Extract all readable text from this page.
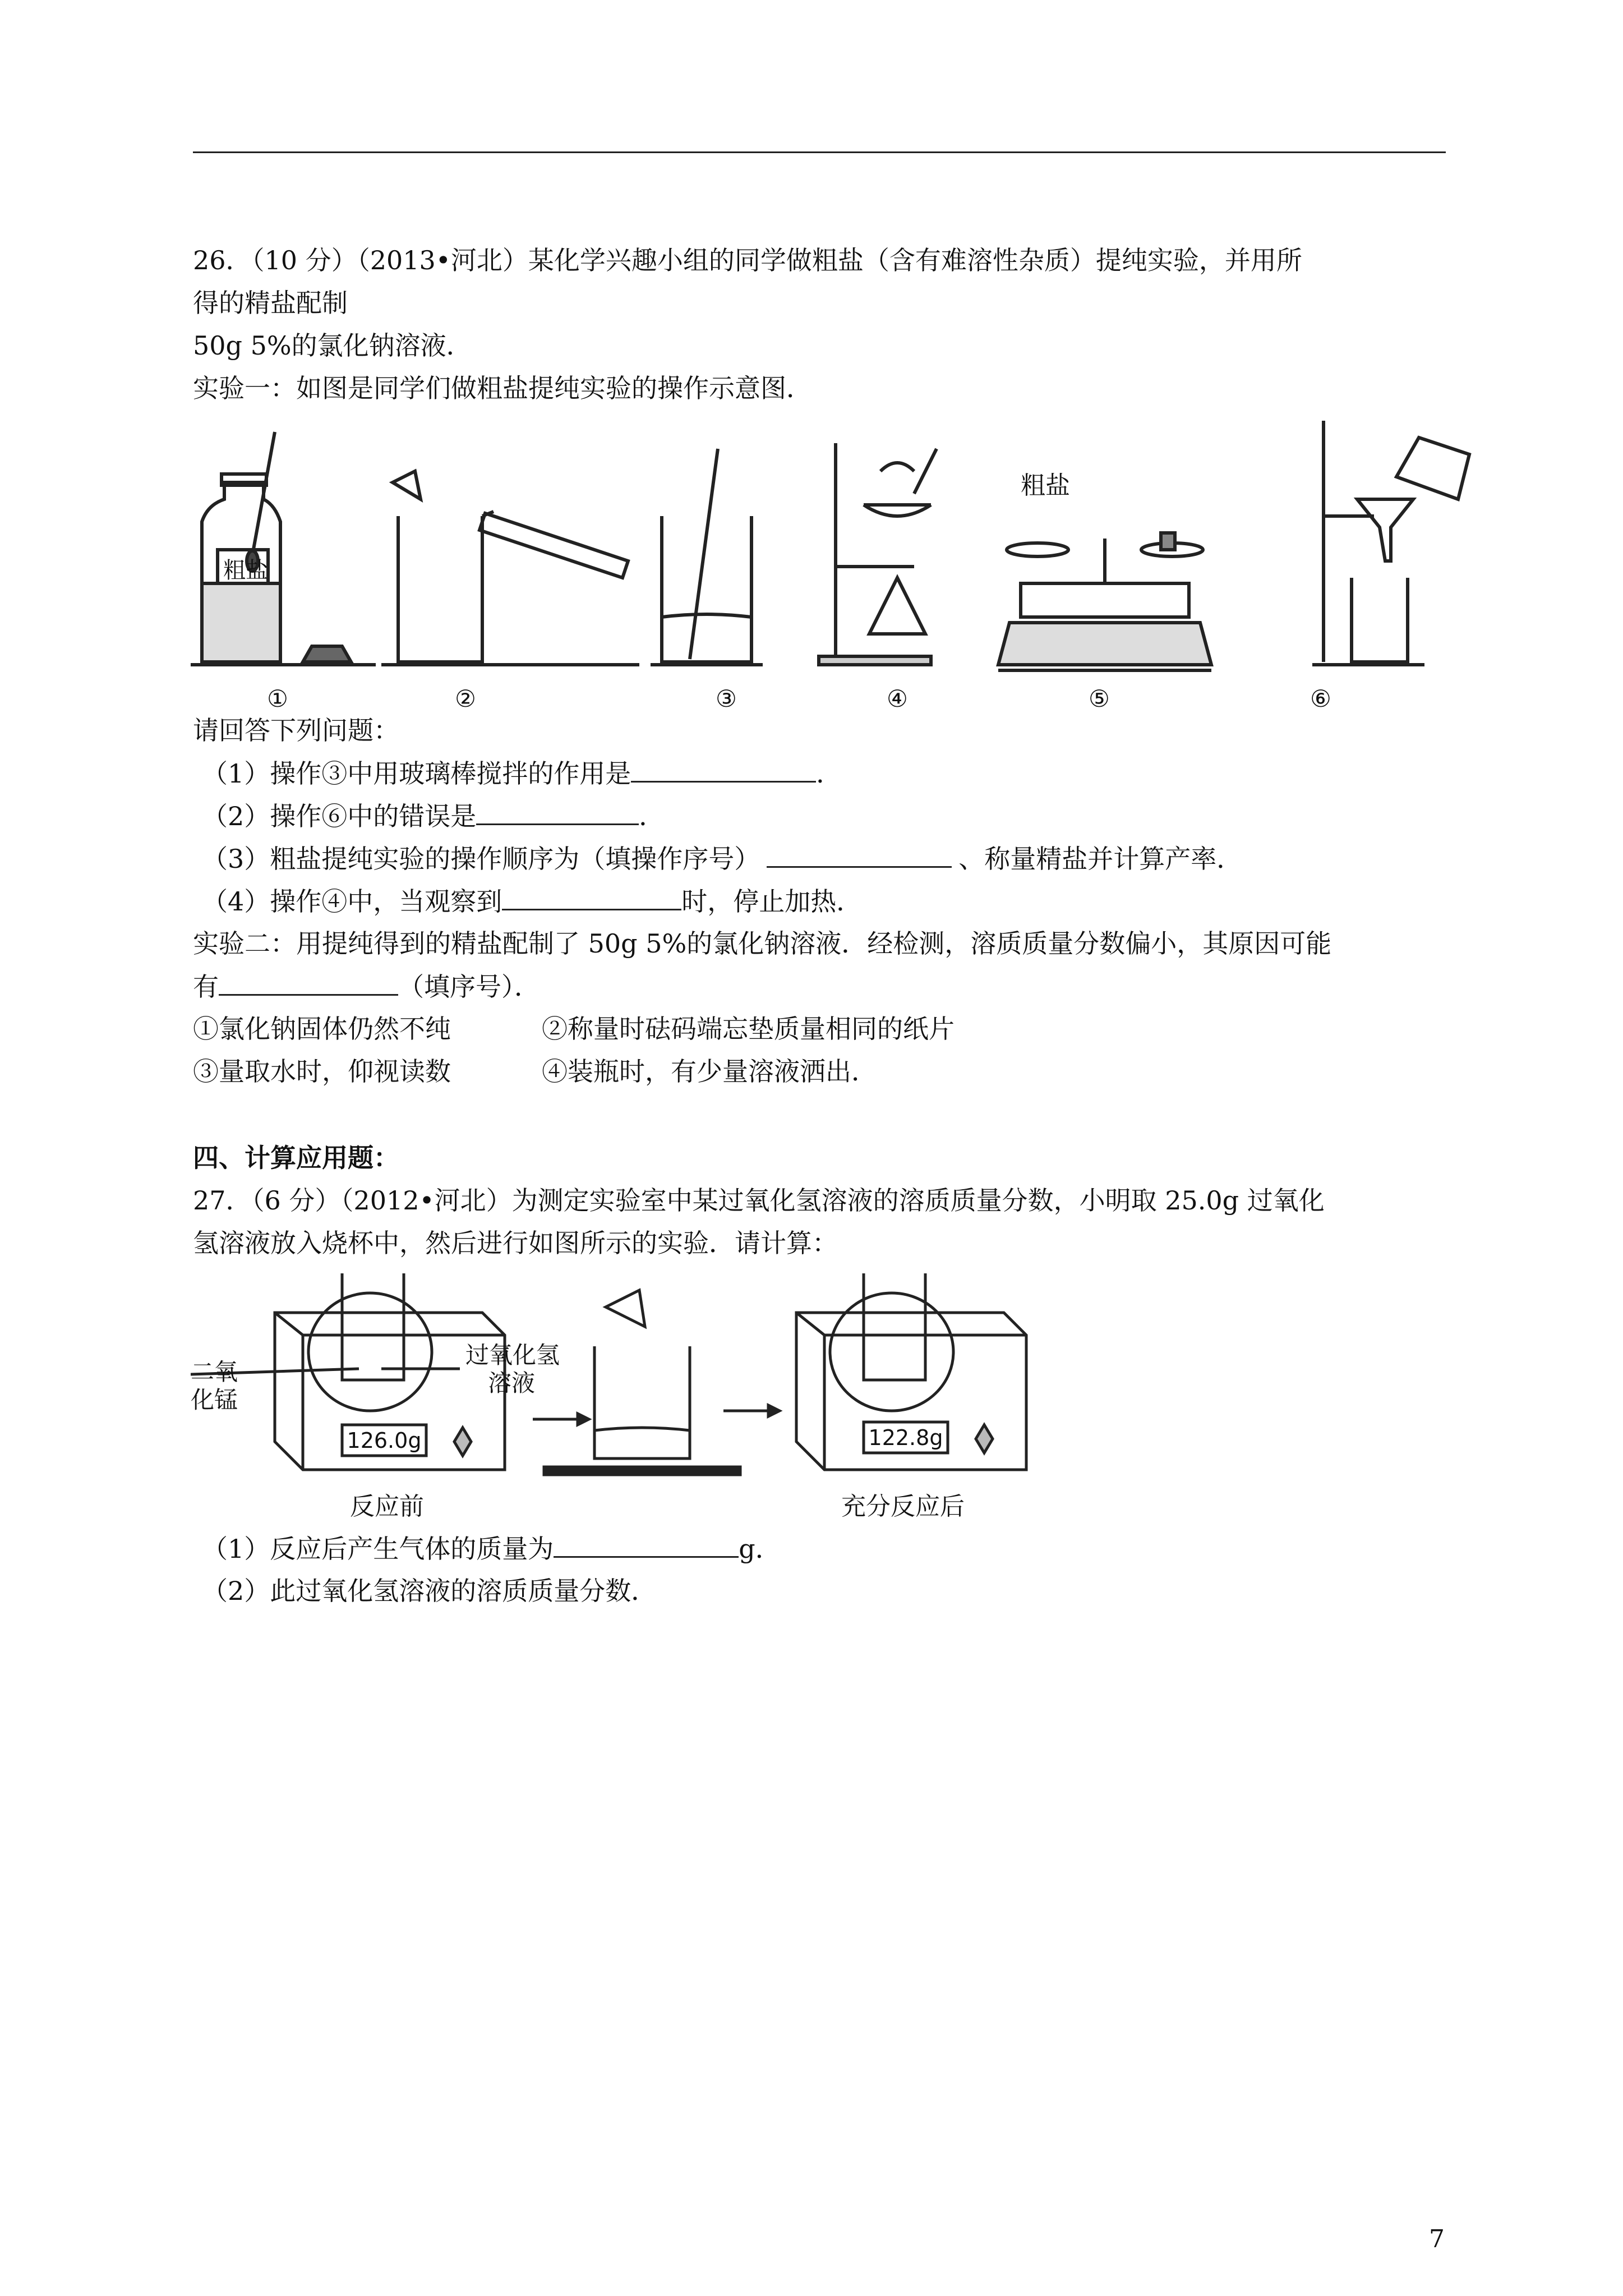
26．（10 分）（2013•河北）某化学兴趣小组的同学做粗盐（含有难溶性杂质）提纯实验，并用所
得的精盐配制
50g 5%的氯化钠溶液．
实验一：如图是同学们做粗盐提纯实验的操作示意图．
粗盐
粗盐
①	②	③	④	⑤	⑥
请回答下列问题：
（1）操作③中用玻璃棒搅拌的作用是	．
（2）操作⑥中的错误是	．
（3）粗盐提纯实验的操作顺序为（填操作序号）	、称量精盐并计算产率．
（4）操作④中，当观察到	时，停止加热．
实验二：用提纯得到的精盐配制了 50g 5%的氯化钠溶液．经检测，溶质质量分数偏小，其原因可能
有	（填序号）．
①氯化钠固体仍然不纯	②称量时砝码端忘垫质量相同的纸片
③量取水时，仰视读数	④装瓶时，有少量溶液洒出．
四、计算应用题：
27．（6 分）（2012•河北）为测定实验室中某过氧化氢溶液的溶质质量分数，小明取 25.0g 过氧化
氢溶液放入烧杯中，然后进行如图所示的实验．请计算：
二氧
化锰
过氧化氢
溶液
126.0g	122.8g
反应前	充分反应后
（1）反应后产生气体的质量为	g．
（2）此过氧化氢溶液的溶质质量分数．
7
